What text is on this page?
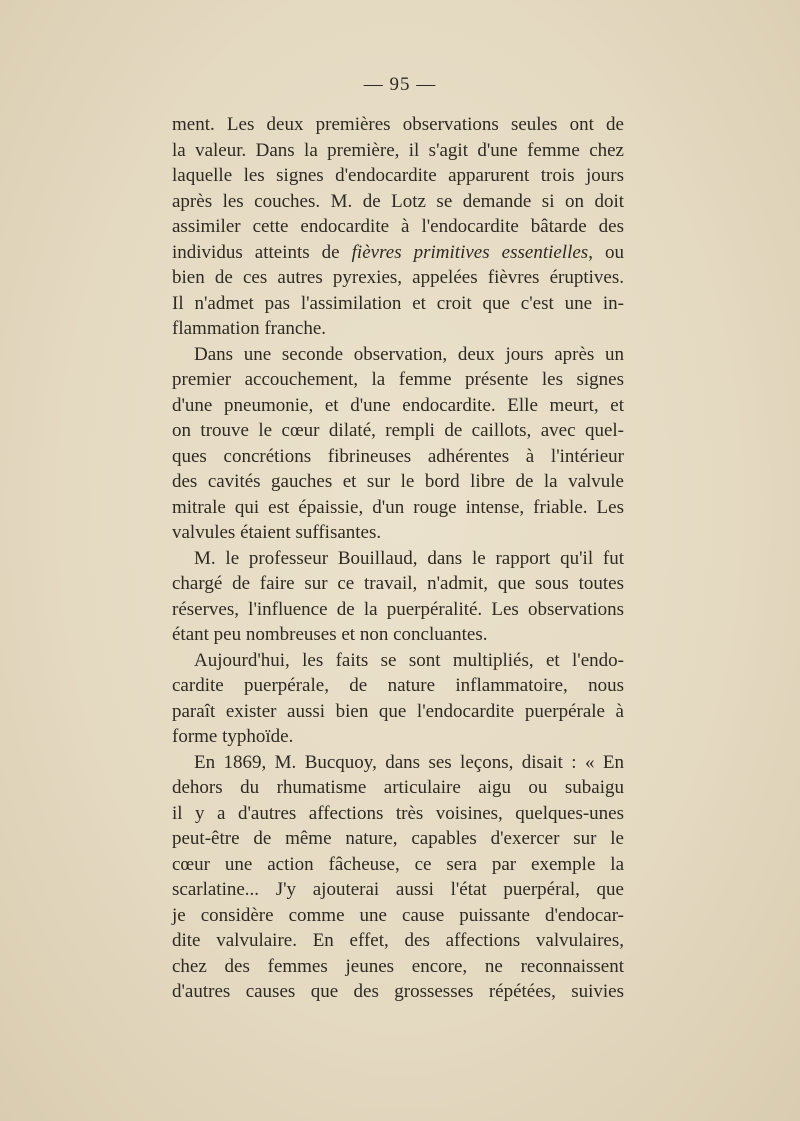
— 95 —

ment. Les deux premières observations seules ont de
la valeur. Dans la première, il s'agit d'une femme chez
laquelle les signes d'endocardite apparurent trois jours
après les couches. M. de Lotz se demande si on doit
assimiler cette endocardite à l'endocardite bâtarde des
individus atteints de fièvres primitives essentielles, ou
bien de ces autres pyrexies, appelées fièvres éruptives.
Il n'admet pas l'assimilation et croit que c'est une in-
flammation franche.

Dans une seconde observation, deux jours après un
premier accouchement, la femme présente les signes
d'une pneumonie, et d'une endocardite. Elle meurt, et
on trouve le cœur dilaté, rempli de caillots, avec quel-
ques concrétions fibrineuses adhérentes à l'intérieur
des cavités gauches et sur le bord libre de la valvule
mitrale qui est épaissie, d'un rouge intense, friable. Les
valvules étaient suffisantes.

M. le professeur Bouillaud, dans le rapport qu'il fut
chargé de faire sur ce travail, n'admit, que sous toutes
réserves, l'influence de la puerpéralité. Les observations
étant peu nombreuses et non concluantes.

Aujourd'hui, les faits se sont multipliés, et l'endo-
cardite puerpérale, de nature inflammatoire, nous
paraît exister aussi bien que l'endocardite puerpérale à
forme typhoïde.

En 1869, M. Bucquoy, dans ses leçons, disait : « En
dehors du rhumatisme articulaire aigu ou subaigu
il y a d'autres affections très voisines, quelques-unes
peut-être de même nature, capables d'exercer sur le
cœur une action fâcheuse, ce sera par exemple la
scarlatine... J'y ajouterai aussi l'état puerpéral, que
je considère comme une cause puissante d'endocar-
dite valvulaire. En effet, des affections valvulaires,
chez des femmes jeunes encore, ne reconnaissent
d'autres causes que des grossesses répétées, suivies
